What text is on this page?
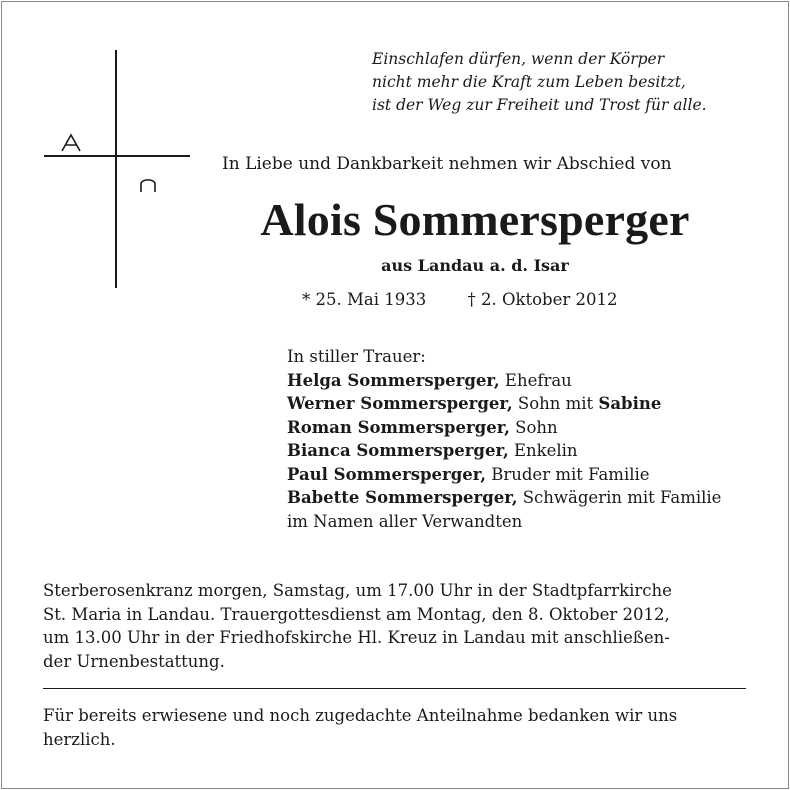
Einschlafen dürfen, wenn der Körper
nicht mehr die Kraft zum Leben besitzt,
ist der Weg zur Freiheit und Trost für alle.
In Liebe und Dankbarkeit nehmen wir Abschied von
Alois Sommersperger
aus Landau a. d. Isar
* 25. Mai 1933	† 2. Oktober 2012
In stiller Trauer:
Helga Sommersperger, Ehefrau
Werner Sommersperger, Sohn mit Sabine
Roman Sommersperger, Sohn
Bianca Sommersperger, Enkelin
Paul Sommersperger, Bruder mit Familie
Babette Sommersperger, Schwägerin mit Familie
im Namen aller Verwandten
Sterberosenkranz morgen, Samstag, um 17.00 Uhr in der Stadtpfarrkirche
St. Maria in Landau. Trauergottesdienst am Montag, den 8. Oktober 2012,
um 13.00 Uhr in der Friedhofskirche Hl. Kreuz in Landau mit anschließen-
der Urnenbestattung.
Für bereits erwiesene und noch zugedachte Anteilnahme bedanken wir uns
herzlich.
